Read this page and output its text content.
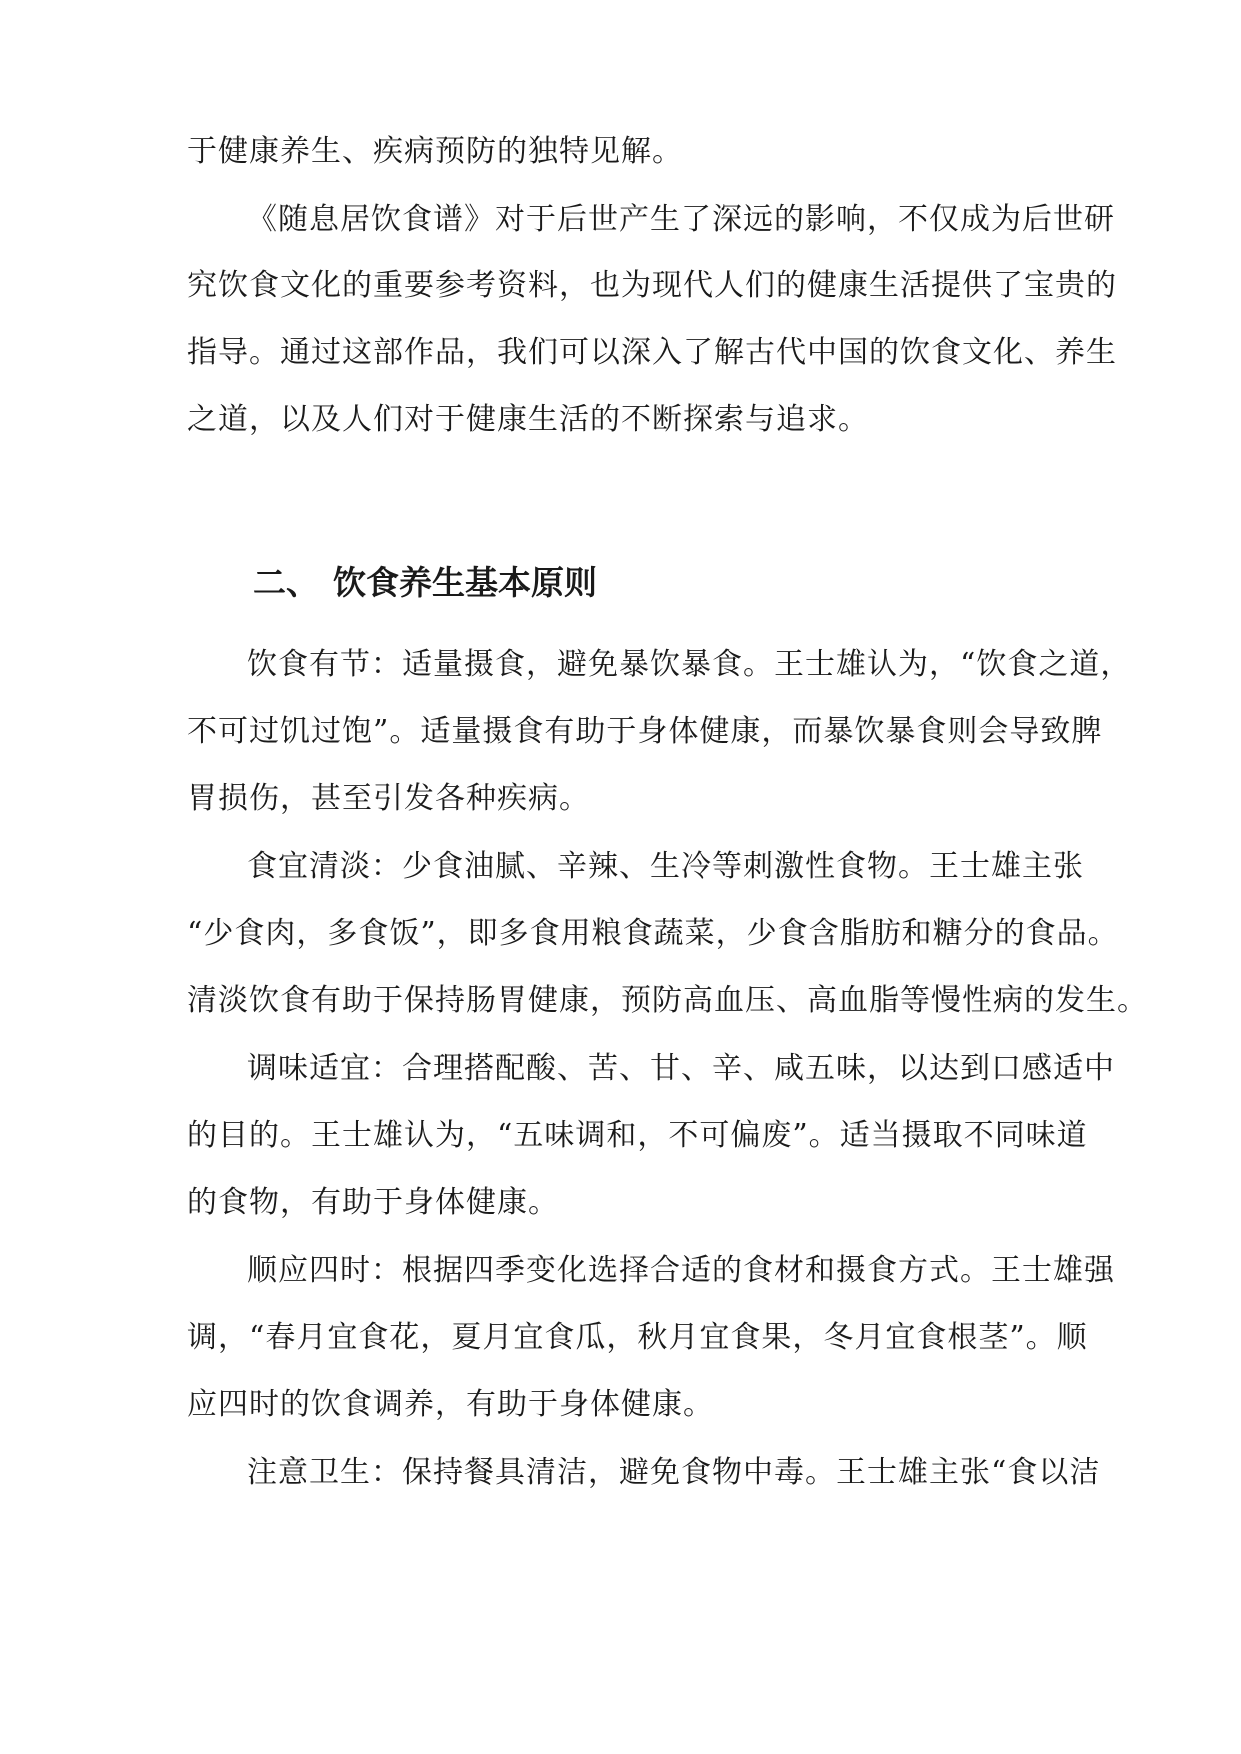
于健康养生、疾病预防的独特见解。
《随息居饮食谱》对于后世产生了深远的影响，不仅成为后世研
究饮食文化的重要参考资料，也为现代人们的健康生活提供了宝贵的
指导。通过这部作品，我们可以深入了解古代中国的饮食文化、养生
之道，以及人们对于健康生活的不断探索与追求。
二、 饮食养生基本原则
饮食有节：适量摄食，避免暴饮暴食。王士雄认为，“饮食之道，
不可过饥过饱”。适量摄食有助于身体健康，而暴饮暴食则会导致脾
胃损伤，甚至引发各种疾病。
食宜清淡：少食油腻、辛辣、生冷等刺激性食物。王士雄主张
“少食肉，多食饭”，即多食用粮食蔬菜，少食含脂肪和糖分的食品。
清淡饮食有助于保持肠胃健康，预防高血压、高血脂等慢性病的发生。
调味适宜：合理搭配酸、苦、甘、辛、咸五味，以达到口感适中
的目的。王士雄认为，“五味调和，不可偏废”。适当摄取不同味道
的食物，有助于身体健康。
顺应四时：根据四季变化选择合适的食材和摄食方式。王士雄强
调，“春月宜食花，夏月宜食瓜，秋月宜食果，冬月宜食根茎”。顺
应四时的饮食调养，有助于身体健康。
注意卫生：保持餐具清洁，避免食物中毒。王士雄主张“食以洁
